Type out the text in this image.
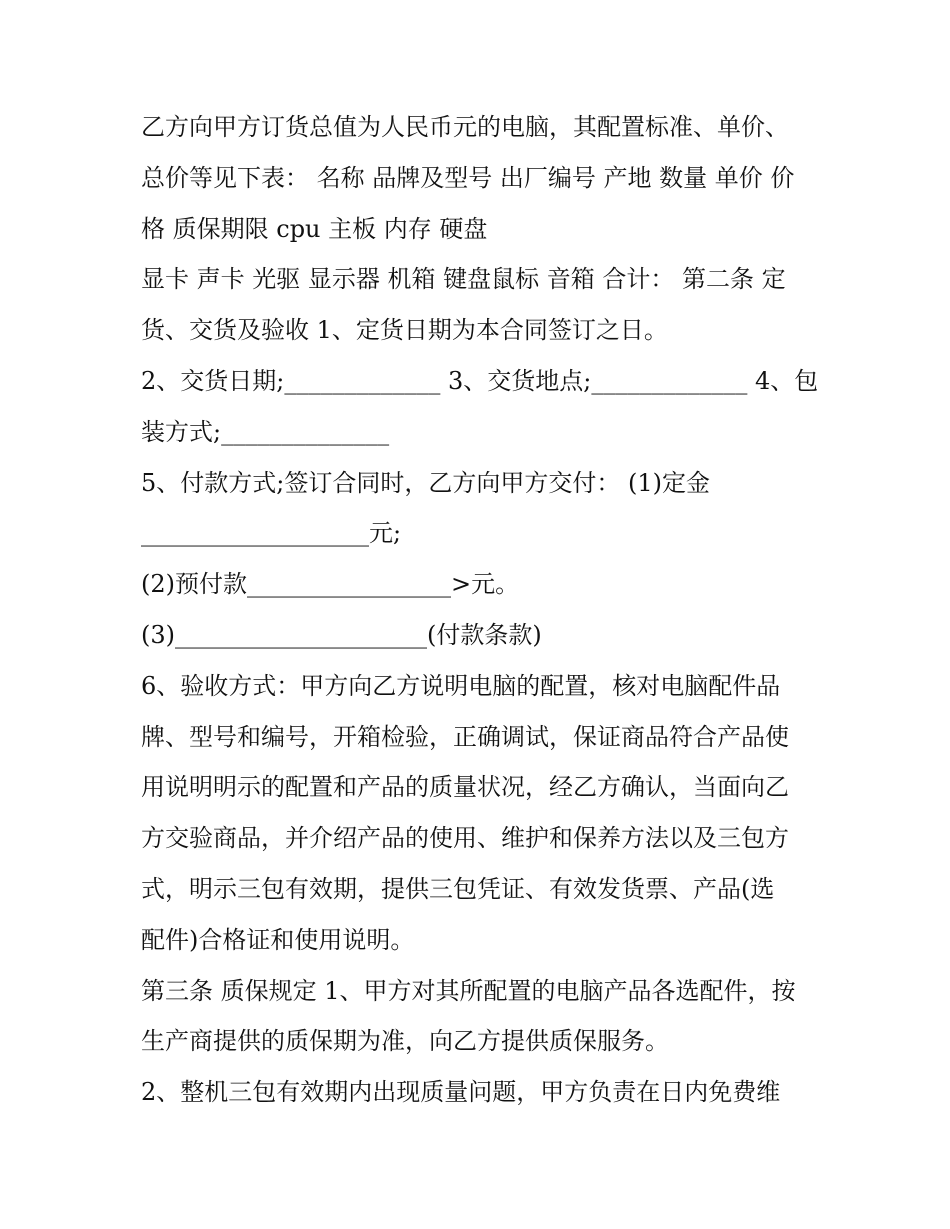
乙方向甲方订货总值为人民币元的电脑，其配置标准、单价、
总价等见下表： 名称 品牌及型号 出厂编号 产地 数量 单价 价
格 质保期限 cpu 主板 内存 硬盘
显卡 声卡 光驱 显示器 机箱 键盘鼠标 音箱 合计： 第二条 定
货、交货及验收 1、定货日期为本合同签订之日。
2、交货日期;_____________ 3、交货地点;_____________ 4、包
装方式;______________
5、付款方式;签订合同时，乙方向甲方交付： (1)定金
___________________元;
(2)预付款_________________>元。
(3)_____________________(付款条款)
6、验收方式：甲方向乙方说明电脑的配置，核对电脑配件品
牌、型号和编号，开箱检验，正确调试，保证商品符合产品使
用说明明示的配置和产品的质量状况，经乙方确认，当面向乙
方交验商品，并介绍产品的使用、维护和保养方法以及三包方
式，明示三包有效期，提供三包凭证、有效发货票、产品(选
配件)合格证和使用说明。
第三条 质保规定 1、甲方对其所配置的电脑产品各选配件，按
生产商提供的质保期为准，向乙方提供质保服务。
2、整机三包有效期内出现质量问题，甲方负责在日内免费维
